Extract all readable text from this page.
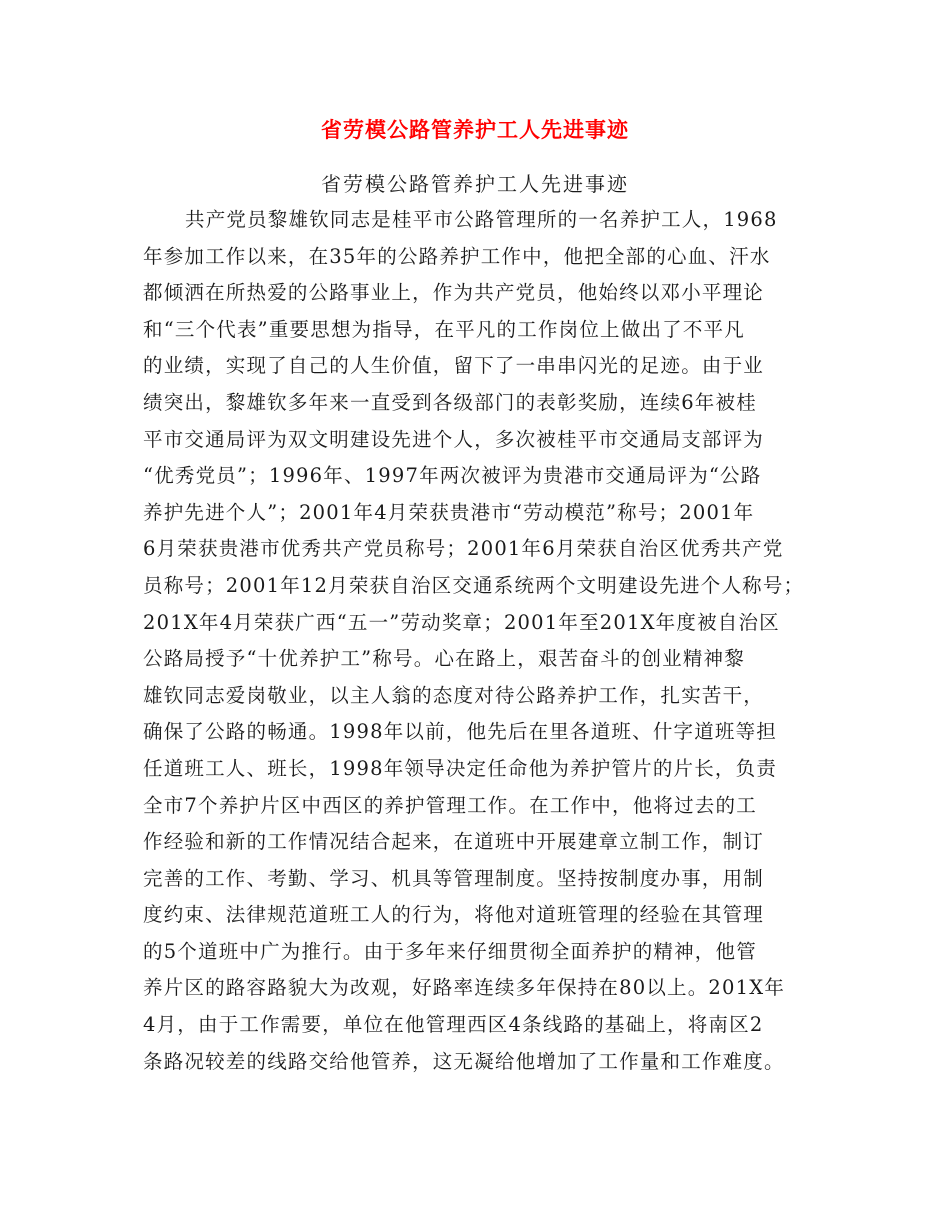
省劳模公路管养护工人先进事迹
省劳模公路管养护工人先进事迹
共产党员黎雄钦同志是桂平市公路管理所的一名养护工人，1968
年参加工作以来，在35年的公路养护工作中，他把全部的心血、汗水
都倾洒在所热爱的公路事业上，作为共产党员，他始终以邓小平理论
和“三个代表”重要思想为指导，在平凡的工作岗位上做出了不平凡
的业绩，实现了自己的人生价值，留下了一串串闪光的足迹。由于业
绩突出，黎雄钦多年来一直受到各级部门的表彰奖励，连续6年被桂
平市交通局评为双文明建设先进个人，多次被桂平市交通局支部评为
“优秀党员”；1996年、1997年两次被评为贵港市交通局评为“公路
养护先进个人”；2001年4月荣获贵港市“劳动模范”称号；2001年
6月荣获贵港市优秀共产党员称号；2001年6月荣获自治区优秀共产党
员称号；2001年12月荣获自治区交通系统两个文明建设先进个人称号；
201X年4月荣获广西“五一”劳动奖章；2001年至201X年度被自治区
公路局授予“十优养护工”称号。心在路上，艰苦奋斗的创业精神黎
雄钦同志爱岗敬业，以主人翁的态度对待公路养护工作，扎实苦干，
确保了公路的畅通。1998年以前，他先后在里各道班、什字道班等担
任道班工人、班长，1998年领导决定任命他为养护管片的片长，负责
全市7个养护片区中西区的养护管理工作。在工作中，他将过去的工
作经验和新的工作情况结合起来，在道班中开展建章立制工作，制订
完善的工作、考勤、学习、机具等管理制度。坚持按制度办事，用制
度约束、法律规范道班工人的行为，将他对道班管理的经验在其管理
的5个道班中广为推行。由于多年来仔细贯彻全面养护的精神，他管
养片区的路容路貌大为改观，好路率连续多年保持在80以上。201X年
4月，由于工作需要，单位在他管理西区4条线路的基础上，将南区2
条路况较差的线路交给他管养，这无凝给他增加了工作量和工作难度。
